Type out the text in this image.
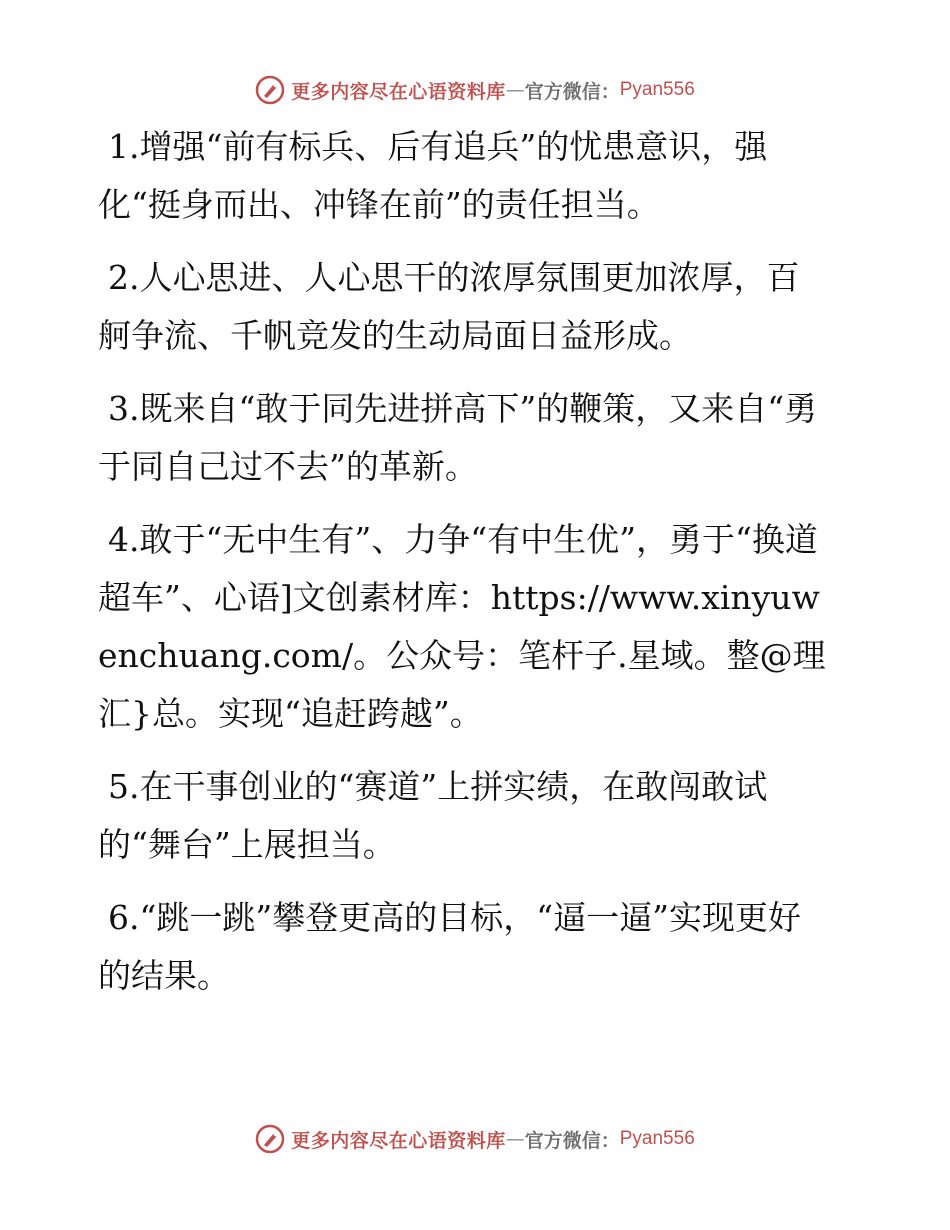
更多内容尽在心语资料库 — 官方微信： Pyan556

1.增强“前有标兵、后有追兵”的忧患意识，强化“挺身而出、冲锋在前”的责任担当。

2.人心思进、人心思干的浓厚氛围更加浓厚，百舸争流、千帆竞发的生动局面日益形成。

3.既来自“敢于同先进拼高下”的鞭策，又来自“勇于同自己过不去”的革新。

4.敢于“无中生有”、力争“有中生优”，勇于“换道超车”、心语]文创素材库：https://www.xinyuwenchuang.com/。公众号：笔杆子.星域。整@理汇}总。实现“追赶跨越”。

5.在干事创业的“赛道”上拼实绩，在敢闯敢试的“舞台”上展担当。

6.“跳一跳”攀登更高的目标，“逼一逼”实现更好的结果。

更多内容尽在心语资料库 — 官方微信： Pyan556
